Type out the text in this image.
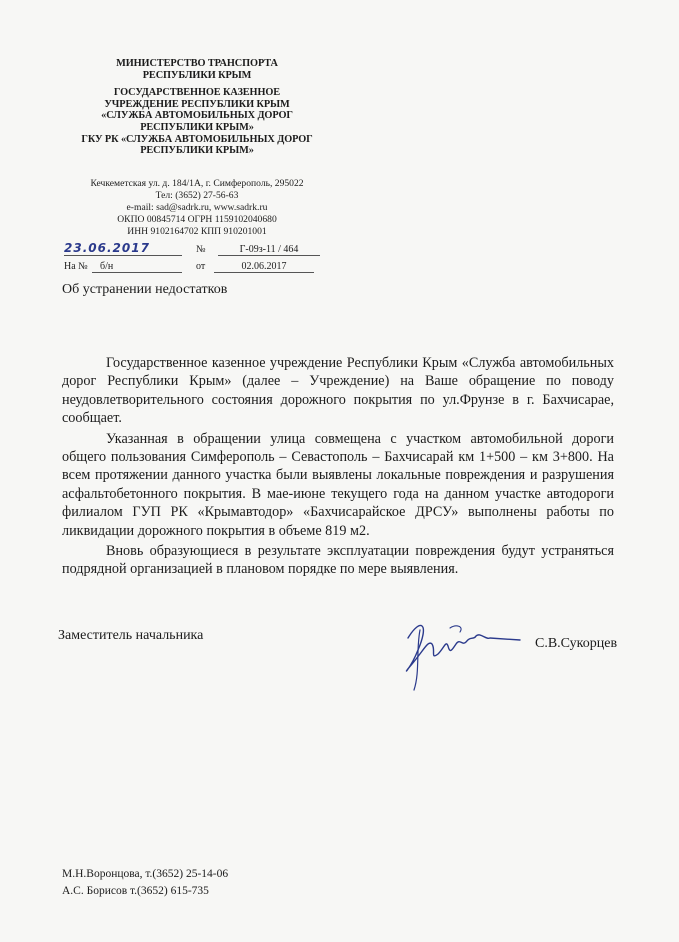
МИНИСТЕРСТВО ТРАНСПОРТА
РЕСПУБЛИКИ КРЫМ
ГОСУДАРСТВЕННОЕ КАЗЕННОЕ
УЧРЕЖДЕНИЕ РЕСПУБЛИКИ КРЫМ
«СЛУЖБА АВТОМОБИЛЬНЫХ ДОРОГ
РЕСПУБЛИКИ КРЫМ»
ГКУ РК «СЛУЖБА АВТОМОБИЛЬНЫХ ДОРОГ
РЕСПУБЛИКИ КРЫМ»
Кечкеметская ул. д. 184/1А, г. Симферополь, 295022
Тел: (3652) 27-56-63
e-mail: sad@sadrk.ru, www.sadrk.ru
ОКПО 00845714 ОГРН 1159102040680
ИНН 9102164702 КПП 910201001
23.06.2017	№	Г-09з-11 / 464
На №	б/н	от	02.06.2017
Об устранении недостатков

Государственное казенное учреждение Республики Крым «Служба автомобильных дорог Республики Крым» (далее – Учреждение) на Ваше обращение по поводу неудовлетворительного состояния дорожного покрытия по ул.Фрунзе в г. Бахчисарае, сообщает.

Указанная в обращении улица совмещена с участком автомобильной дороги общего пользования Симферополь – Севастополь – Бахчисарай км 1+500 – км 3+800. На всем протяжении данного участка были выявлены локальные повреждения и разрушения асфальтобетонного покрытия. В мае-июне текущего года на данном участке автодороги филиалом ГУП РК «Крымавтодор» «Бахчисарайское ДРСУ» выполнены работы по ликвидации дорожного покрытия в объеме 819 м2.

Вновь образующиеся в результате эксплуатации повреждения будут устраняться подрядной организацией в плановом порядке по мере выявления.

Заместитель начальника
С.В.Сукорцев
М.Н.Воронцова, т.(3652) 25-14-06
А.С. Борисов т.(3652) 615-735
